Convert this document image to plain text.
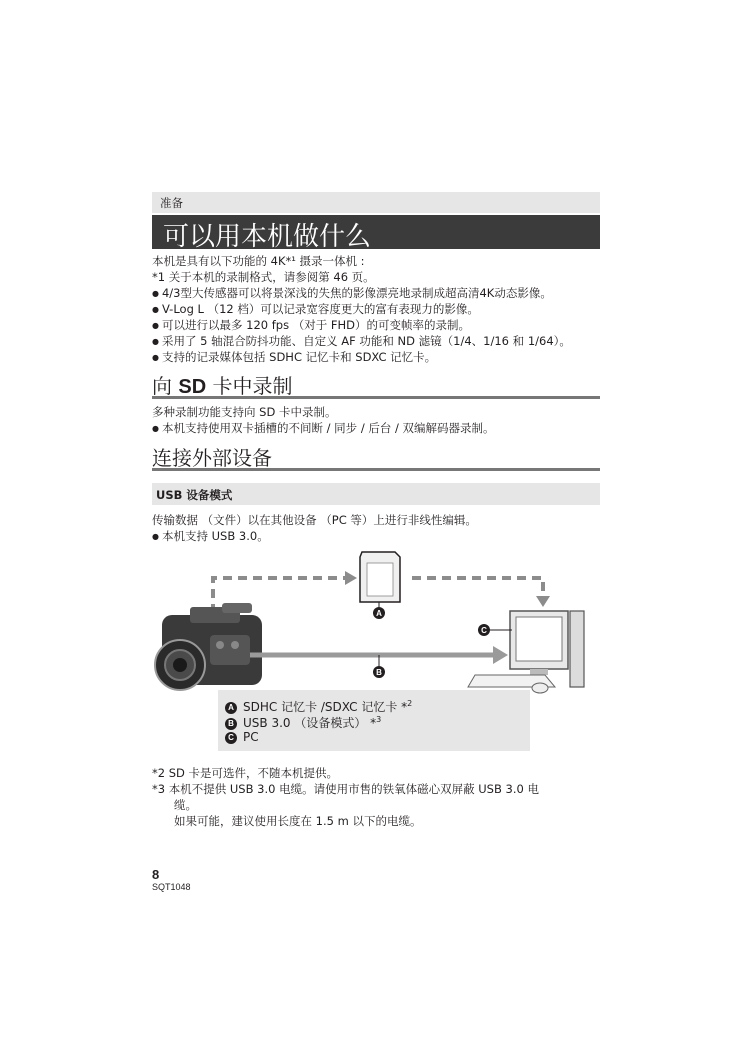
准备
可以用本机做什么
本机是具有以下功能的 4K*¹ 摄录一体机 :
*1 关于本机的录制格式，请参阅第 46 页。
● 4/3型大传感器可以将景深浅的失焦的影像漂亮地录制成超高清4K动态影像。
● V-Log L （12 档）可以记录宽容度更大的富有表现力的影像。
● 可以进行以最多 120 fps （对于 FHD）的可变帧率的录制。
● 采用了 5 轴混合防抖功能、自定义 AF 功能和 ND 滤镜（1/4、1/16 和 1/64）。
● 支持的记录媒体包括 SDHC 记忆卡和 SDXC 记忆卡。
向 SD 卡中录制
多种录制功能支持向 SD 卡中录制。
● 本机支持使用双卡插槽的不间断 / 同步 / 后台 / 双编解码器录制。
连接外部设备
USB 设备模式
传输数据 （文件）以在其他设备 （PC 等）上进行非线性编辑。
● 本机支持 USB 3.0。
A
B
C
A SDHC 记忆卡 /SDXC 记忆卡 *$^2$
B USB 3.0 （设备模式） *$^3$
C PC
*2 SD 卡是可选件，不随本机提供。
*3 本机不提供 USB 3.0 电缆。请使用市售的铁氧体磁心双屏蔽 USB 3.0 电
缆。
如果可能，建议使用长度在 1.5 m 以下的电缆。
8
SQT1048
